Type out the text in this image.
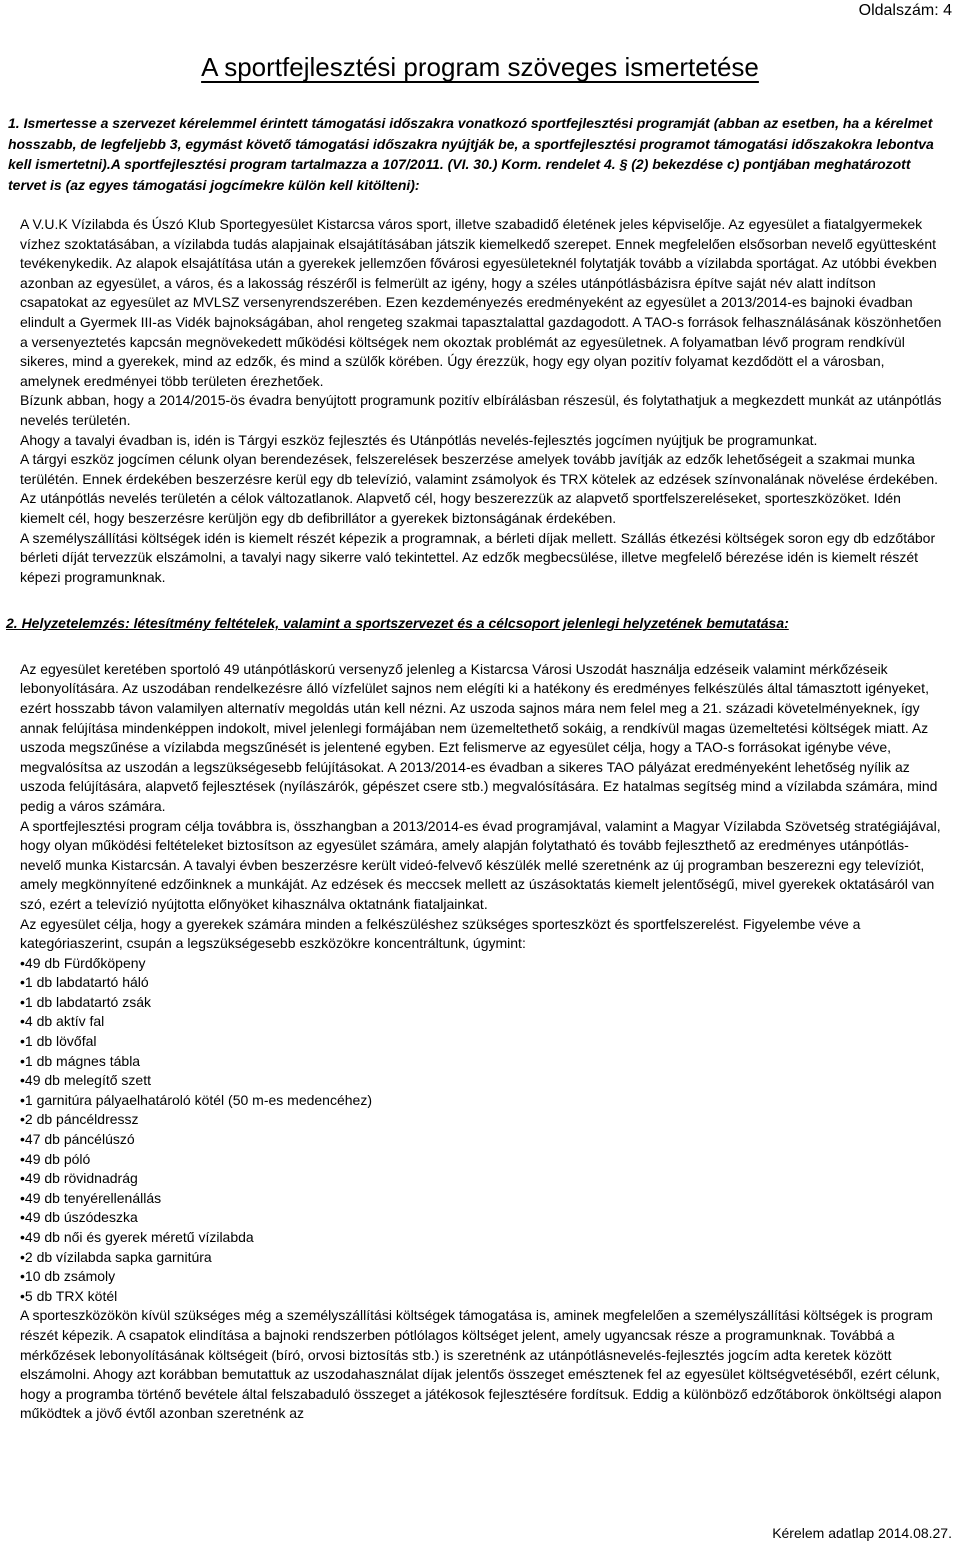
Oldalszám: 4
A sportfejlesztési program szöveges ismertetése

1. Ismertesse a szervezet kérelemmel érintett támogatási időszakra vonatkozó sportfejlesztési programját (abban az esetben, ha a kérelmet hosszabb, de legfeljebb 3, egymást követő támogatási időszakra nyújtják be, a sportfejlesztési programot támogatási időszakokra lebontva kell ismertetni).A sportfejlesztési program tartalmazza a 107/2011. (VI. 30.) Korm. rendelet 4. § (2) bekezdése c) pontjában meghatározott tervet is (az egyes támogatási jogcímekre külön kell kitölteni):

A V.U.K Vízilabda és Úszó Klub Sportegyesület Kistarcsa város sport, illetve szabadidő életének jeles képviselője. Az egyesület a fiatalgyermekek vízhez szoktatásában, a vízilabda tudás alapjainak elsajátításában játszik kiemelkedő szerepet. Ennek megfelelően elsősorban nevelő együttesként tevékenykedik. Az alapok elsajátítása után a gyerekek jellemzően fővárosi egyesületeknél folytatják tovább a vízilabda sportágat. Az utóbbi években azonban az egyesület, a város, és a lakosság részéről is felmerült az igény, hogy a széles utánpótlásbázisra építve saját név alatt indítson csapatokat az egyesület az MVLSZ versenyrendszerében. Ezen kezdeményezés eredményeként az egyesület a 2013/2014-es bajnoki évadban elindult a Gyermek III-as Vidék bajnokságában, ahol rengeteg szakmai tapasztalattal gazdagodott. A TAO-s források felhasználásának köszönhetően a versenyeztetés kapcsán megnövekedett működési költségek nem okoztak problémát az egyesületnek. A folyamatban lévő program rendkívül sikeres, mind a gyerekek, mind az edzők, és mind a szülők körében. Úgy érezzük, hogy egy olyan pozitív folyamat kezdődött el a városban, amelynek eredményei több területen érezhetőek.

Bízunk abban, hogy a 2014/2015-ös évadra benyújtott programunk pozitív elbírálásban részesül, és folytathatjuk a megkezdett munkát az utánpótlás nevelés területén.

Ahogy a tavalyi évadban is, idén is Tárgyi eszköz fejlesztés és Utánpótlás nevelés-fejlesztés jogcímen nyújtjuk be programunkat.

A tárgyi eszköz jogcímen célunk olyan berendezések, felszerelések beszerzése amelyek tovább javítják az edzők lehetőségeit a szakmai munka terülétén. Ennek érdekében beszerzésre kerül egy db televízió, valamint zsámolyok és TRX kötelek az edzések színvonalának növelése érdekében.

Az utánpótlás nevelés területén a célok változatlanok. Alapvető cél, hogy beszerezzük az alapvető sportfelszereléseket, sporteszközöket. Idén kiemelt cél, hogy beszerzésre kerüljön egy db defibrillátor a gyerekek biztonságának érdekében.

A személyszállítási költségek idén is kiemelt részét képezik a programnak, a bérleti díjak mellett. Szállás étkezési költségek soron egy db edzőtábor bérleti díját tervezzük elszámolni, a tavalyi nagy sikerre való tekintettel. Az edzők megbecsülése, illetve megfelelő bérezése idén is kiemelt részét képezi programunknak.

2. Helyzetelemzés: létesítmény feltételek, valamint a sportszervezet és a célcsoport jelenlegi helyzetének bemutatása:

Az egyesület keretében sportoló 49 utánpótláskorú versenyző jelenleg a Kistarcsa Városi Uszodát használja edzéseik valamint mérkőzéseik lebonyolítására. Az uszodában rendelkezésre álló vízfelület sajnos nem elégíti ki a hatékony és eredményes felkészülés által támasztott igényeket, ezért hosszabb távon valamilyen alternatív megoldás után kell nézni. Az uszoda sajnos mára nem felel meg a 21. századi követelményeknek, így annak felújítása mindenképpen indokolt, mivel jelenlegi formájában nem üzemeltethető sokáig, a rendkívül magas üzemeltetési költségek miatt. Az uszoda megszűnése a vízilabda megszűnését is jelentené egyben. Ezt felismerve az egyesület célja, hogy a TAO-s forrásokat igénybe véve, megvalósítsa az uszodán a legszükségesebb felújításokat. A 2013/2014-es évadban a sikeres TAO pályázat eredményeként lehetőség nyílik az uszoda felújítására, alapvető fejlesztések (nyílászárók, gépészet csere stb.) megvalósítására. Ez hatalmas segítség mind a vízilabda számára, mind pedig a város számára.

A sportfejlesztési program célja továbbra is, összhangban a 2013/2014-es évad programjával, valamint a Magyar Vízilabda Szövetség stratégiájával, hogy olyan működési feltételeket biztosítson az egyesület számára, amely alapján folytatható és tovább fejleszthető az eredményes utánpótlás-nevelő munka Kistarcsán. A tavalyi évben beszerzésre került videó-felvevő készülék mellé szeretnénk az új programban beszerezni egy televíziót, amely megkönnyítené edzőinknek a munkáját. Az edzések és meccsek mellett az úszásoktatás kiemelt jelentőségű, mivel gyerekek oktatásáról van szó, ezért a televízió nyújtotta előnyöket kihasználva oktatnánk fiatalјainkat.

Az egyesület célja, hogy a gyerekek számára minden a felkészüléshez szükséges sporteszközt és sportfelszerelést. Figyelembe véve a kategóriaszerint, csupán a legszükségesebb eszközökre koncentráltunk, úgymint:

•49 db Fürdőköpeny
•1 db labdatartó háló
•1 db labdatartó zsák
•4 db aktív fal
•1 db lövőfal
•1 db mágnes tábla
•49 db melegítő szett
•1 garnitúra pályaelhatároló kötél (50 m-es medencéhez)
•2 db páncéldressz
•47 db páncélúszó
•49 db póló
•49 db rövidnadrág
•49 db tenyérellenállás
•49 db úszódeszka
•49 db női és gyerek méretű vízilabda
•2 db vízilabda sapka garnitúra
•10 db zsámoly
•5 db TRX kötél

A sporteszközökön kívül szükséges még a személyszállítási költségek támogatása is, aminek megfelelően a személyszállítási költségek is program részét képezik. A csapatok elindítása a bajnoki rendszerben pótlólagos költséget jelent, amely ugyancsak része a programunknak. Továbbá a mérkőzések lebonyolításának költségeit (bíró, orvosi biztosítás stb.) is szeretnénk az utánpótlásnevelés-fejlesztés jogcím adta keretek között elszámolni. Ahogy azt korábban bemutattuk az uszodahasználat díjak jelentős összeget emésztenek fel az egyesület költségvetéséből, ezért célunk, hogy a programba történő bevétele által felszabaduló összeget a játékosok fejlesztésére fordítsuk. Eddig a különböző edzőtáborok önköltségi alapon működtek a jövő évtől azonban szeretnénk az

Kérelem adatlap 2014.08.27.
